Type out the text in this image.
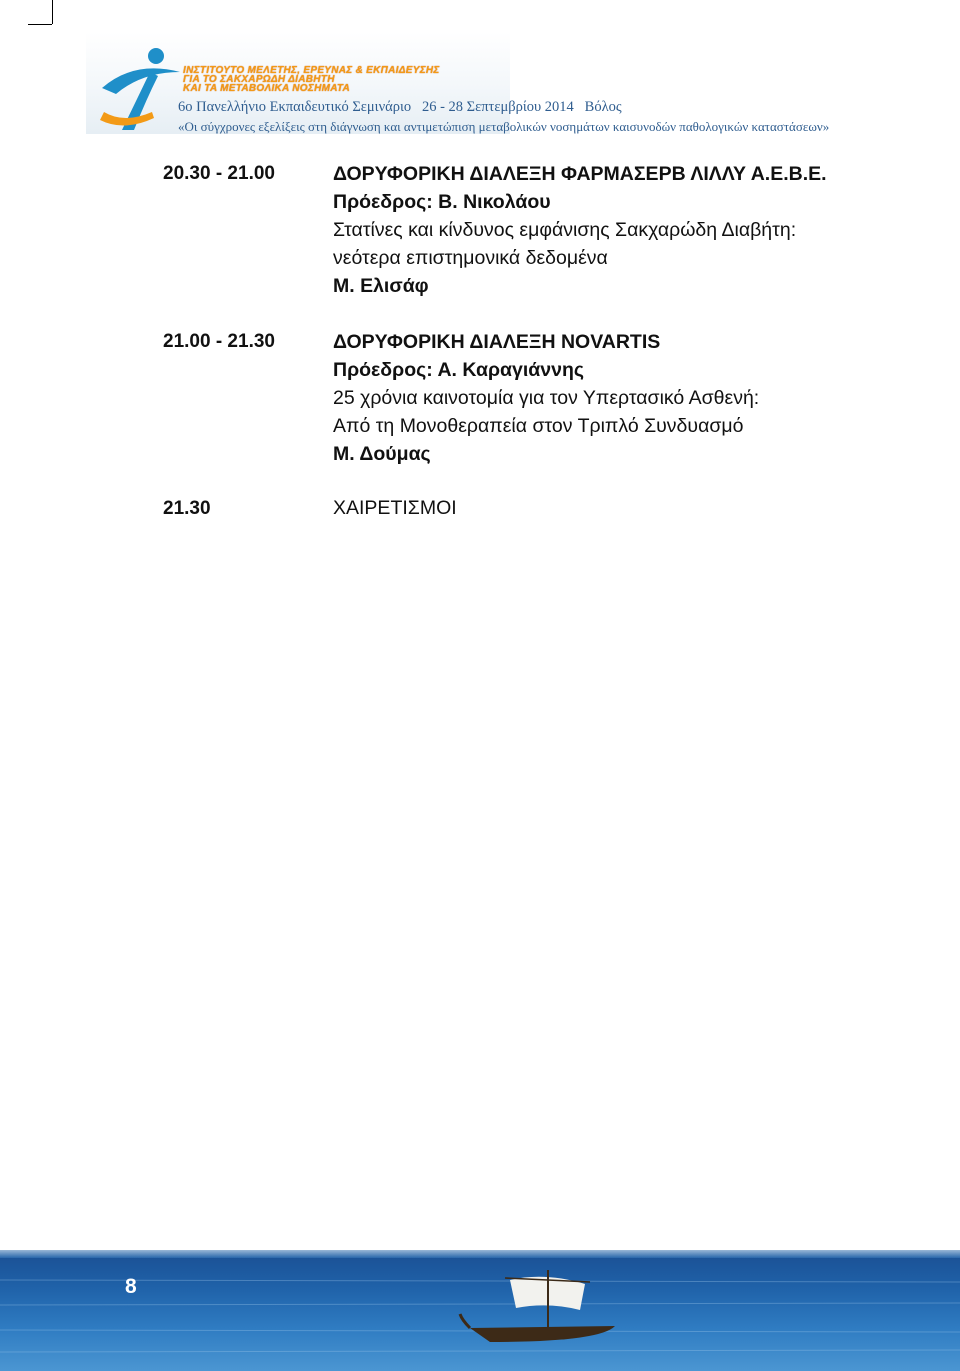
ΙΝΣΤΙΤΟΥΤΟ ΜΕΛΕΤΗΣ, ΕΡΕΥΝΑΣ & ΕΚΠΑΙΔΕΥΣΗΣ
ΓΙΑ ΤΟ ΣΑΚΧΑΡΩΔΗ ΔΙΑΒΗΤΗ
ΚΑΙ ΤΑ ΜΕΤΑΒΟΛΙΚΑ ΝΟΣΗΜΑΤΑ
6ο Πανελλήνιο Εκπαιδευτικό Σεμινάριο   26 - 28 Σεπτεμβρίου 2014   Βόλος
«Οι σύγχρονες εξελίξεις στη διάγνωση και αντιμετώπιση μεταβολικών νοσημάτων καισυνοδών παθολογικών καταστάσεων»
20.30 - 21.00	ΔΟΡΥΦΟΡΙΚΗ ΔΙΑΛΕΞΗ ΦΑΡΜΑΣΕΡΒ ΛΙΛΛΥ Α.Ε.Β.Ε.
Πρόεδρος: Β. Νικολάου
Στατίνες και κίνδυνος εμφάνισης Σακχαρώδη Διαβήτη:
νεότερα επιστημονικά δεδομένα
Μ. Ελισάφ
21.00 - 21.30	ΔΟΡΥΦΟΡΙΚΗ ΔΙΑΛΕΞΗ NOVARTIS
Πρόεδρος: Α. Καραγιάννης
25 χρόνια καινοτομία για τον Υπερτασικό Ασθενή:
Από τη Μονοθεραπεία στον Τριπλό Συνδυασμό
Μ. Δούμας
21.30	ΧΑΙΡΕΤΙΣΜΟΙ
8
